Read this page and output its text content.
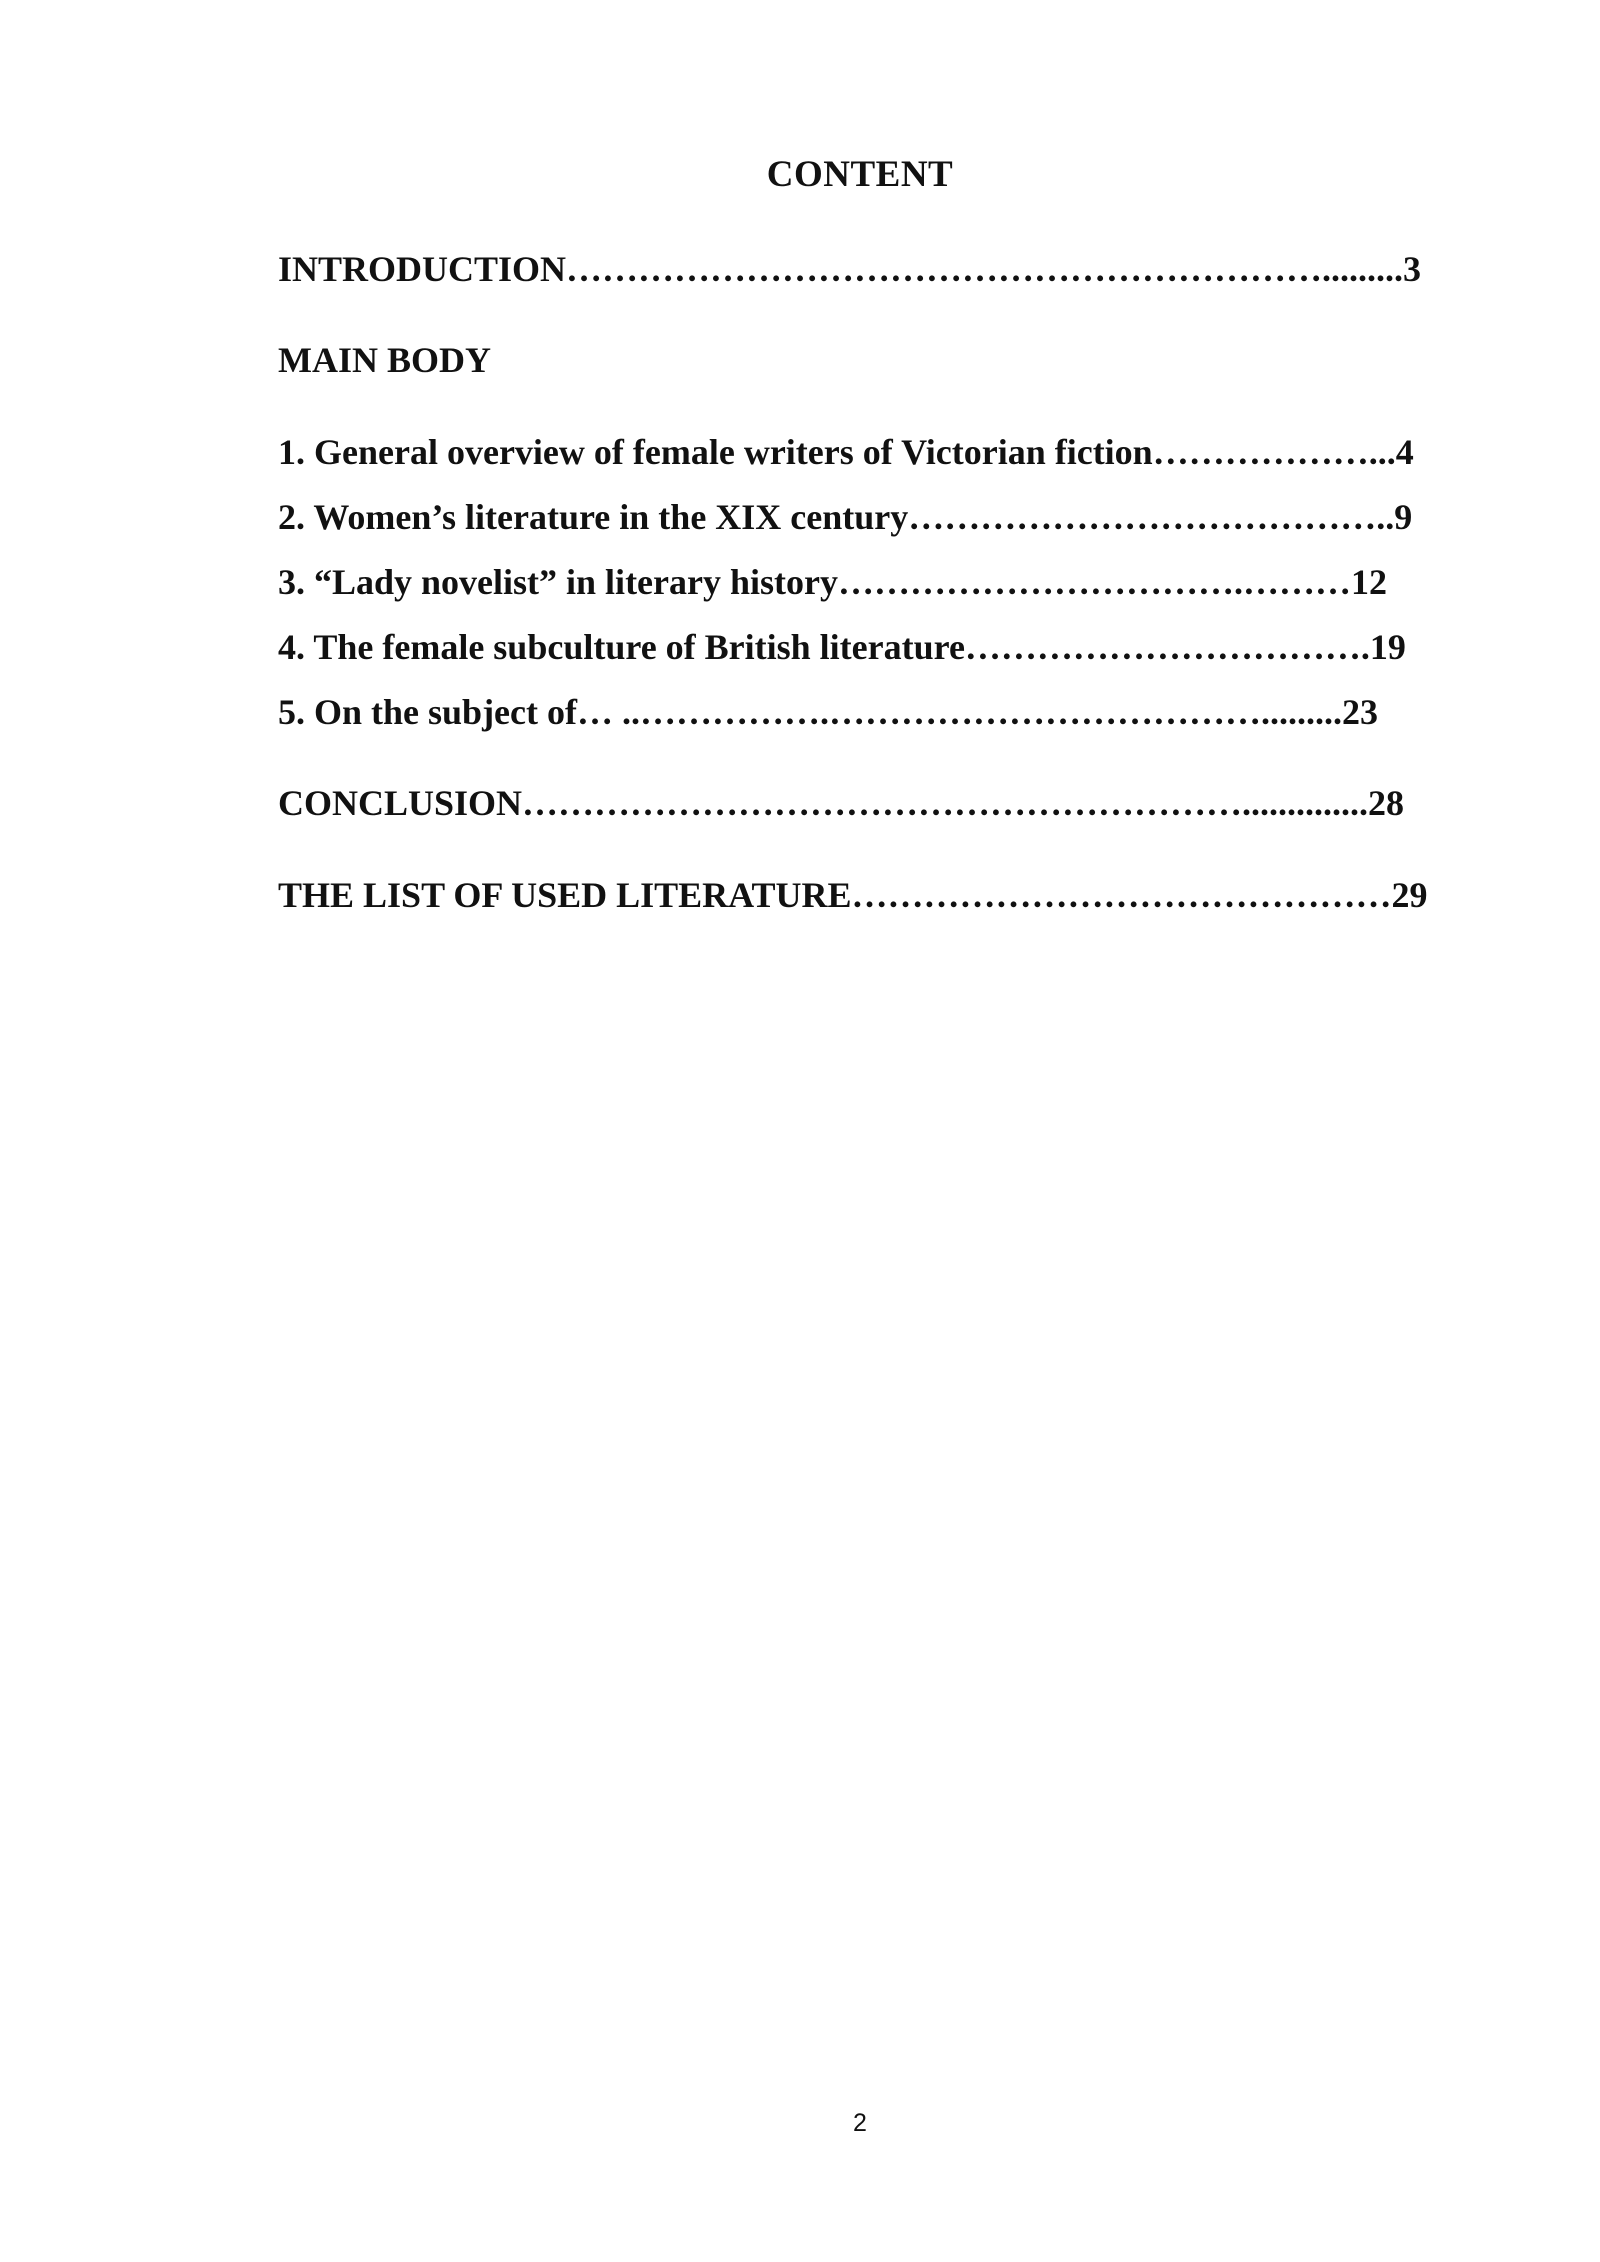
CONTENT
INTRODUCTION……………………………………………………….........3
MAIN BODY
1. General overview of female writers of Victorian fiction………………...4
2. Women’s literature in the XIX century…………………………………..9
3. “Lady novelist” in literary history…………………………….………12
4. The female subculture of British literature…………………………….19
5. On the subject of… ..…………….……………………………….........23
CONCLUSION……………………………………………………..............28
THE LIST OF USED LITERATURE………………………………………29
2
